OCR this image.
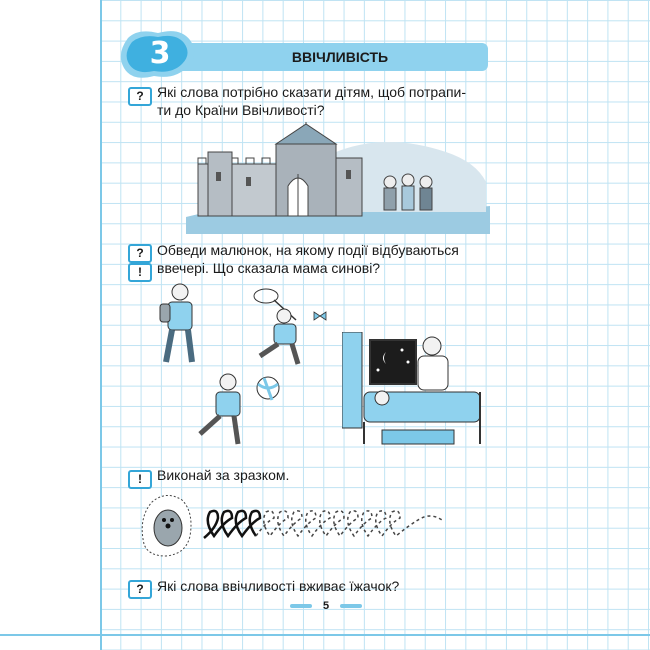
3	ВВІЧЛИВІСТЬ
? Які слова потрібно сказати дітям, щоб потрапи-
ти до Країни Ввічливості?
?
!
Обведи малюнок, на якому події відбуваються
ввечері. Що сказала мама синові?
!	Виконай за зразком.
? Які слова ввічливості вживає їжачок?
5
